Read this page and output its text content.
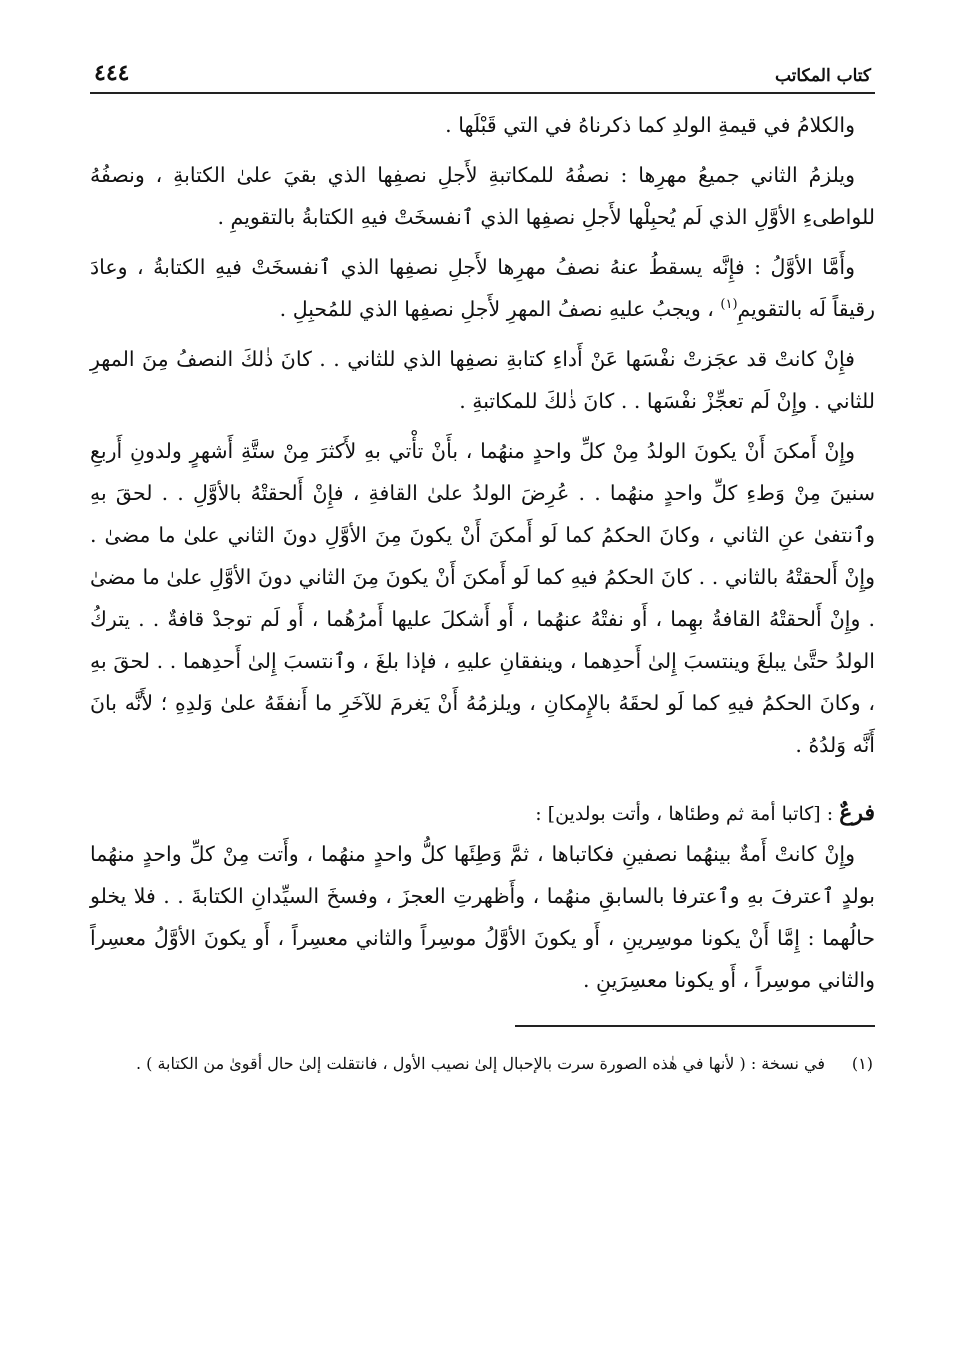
كتاب المكاتب
٤٤٤

والكلامُ في قيمةِ الولدِ كما ذكرناهُ في التي قَبْلَها .

ويلزمُ الثاني جميعُ مهرِها : نصفُهُ للمكاتبةِ لأَجلِ نصفِها الذي بقيَ علىٰ الكتابةِ ، ونصفُهُ للواطىءِ الأوَّلِ الذي لَم يُحبِلْها لأَجلِ نصفِها الذي ٱنفسخَتْ فيهِ الكتابةُ بالتقويمِ .

وأَمَّا الأوَّلُ : فإِنَّه يسقطُ عنهُ نصفُ مهرِها لأَجلِ نصفِها الذي ٱنفسخَتْ فيهِ الكتابةُ ، وعادَ رقيقاً لَه بالتقويمِ$^{(١)}$ ، ويجبُ عليهِ نصفُ المهرِ لأَجلِ نصفِها الذي للمُحبِلِ .

فإِنْ كانتْ قد عجَزتْ نفْسَها عَنْ أَداءِ كتابةِ نصفِها الذي للثاني . . كانَ ذٰلكَ النصفُ مِنَ المهرِ للثاني . وإِنْ لَم تعجِّزْ نفْسَها . . كانَ ذٰلكَ للمكاتبةِ .

وإِنْ أَمكنَ أَنْ يكونَ الولدُ مِنْ كلِّ واحدٍ منهُما ، بأَنْ تأْتي بهِ لأَكثرَ مِنْ ستَّةِ أَشهرٍ ولدونِ أَربعِ سنينَ مِنْ وَطءِ كلِّ واحدٍ منهُما . . عُرِضَ الولدُ علىٰ القافةِ ، فإِنْ أَلحقتْهُ بالأوَّلِ . . لحقَ بهِ وٱنتفىٰ عنِ الثاني ، وكانَ الحكمُ كما لَو أَمكنَ أَنْ يكونَ مِنَ الأوَّلِ دونَ الثاني علىٰ ما مضىٰ . وإِنْ أَلحقتْهُ بالثاني . . كانَ الحكمُ فيهِ كما لَو أَمكنَ أَنْ يكونَ مِنَ الثاني دونَ الأوَّلِ علىٰ ما مضىٰ . وإِنْ أَلحقتْهُ القافةُ بهِما ، أَو نفتْهُ عنهُما ، أَو أَشكلَ عليها أَمرُهُما ، أَو لَم توجدْ قافةٌ . . يتركُ الولدُ حتَّىٰ يبلغَ وينتسبَ إِلىٰ أَحدِهما ، وينفقانِ عليهِ ، فإذا بلغَ ، وٱنتسبَ إِلىٰ أَحدِهما . . لحقَ بهِ ، وكانَ الحكمُ فيهِ كما لَو لحقَهُ بالإِمكانِ ، ويلزمُهُ أَنْ يَغرمَ للآخَرِ ما أَنفقَهُ علىٰ وَلدِهِ ؛ لأَنَّه بانَ أَنَّه وَلدُهُ .

فرعٌ : [كاتبا أمة ثم وطئاها ، وأتت بولدين] :

وإِنْ كانتْ أَمةٌ بينهُما نصفينِ فكاتباها ، ثمَّ وَطِئَها كلُّ واحدٍ منهُما ، وأَتت مِنْ كلِّ واحدٍ منهُما بولدٍ ٱعترفَ بهِ وٱعترفا بالسابقِ منهُما ، وأَظهرتِ العجزَ ، وفسخَ السيِّدانِ الكتابةَ . . فلا يخلو حالُهما : إِمَّا أَنْ يكونا موسِرينِ ، أَو يكونَ الأوَّلُ موسِراً والثاني معسِراً ، أَو يكونَ الأوَّلُ معسِراً والثاني موسِراً ، أَو يكونا معسِرَينِ .

(١)
في نسخة : ( لأنها في هٰذه الصورة سرت بالإحبال إلىٰ نصيب الأول ، فانتقلت إلىٰ حال أقوىٰ من الكتابة ) .
